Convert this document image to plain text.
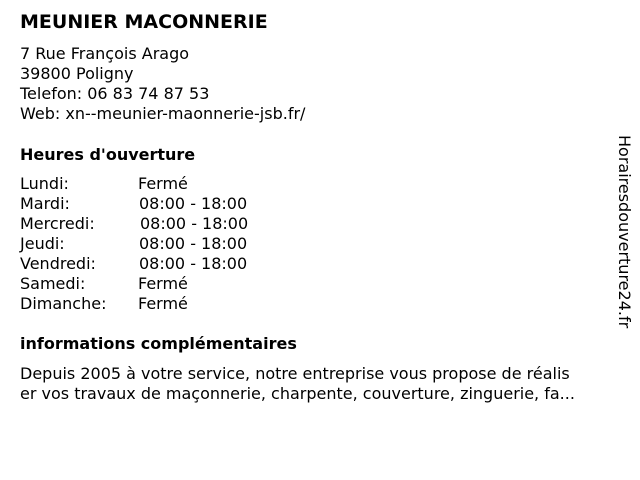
MEUNIER MACONNERIE
7 Rue François Arago
39800 Poligny
Telefon: 06 83 74 87 53
Web: xn--meunier-maonnerie-jsb.fr/
Heures d'ouverture
Lundi:	Fermé
Mardi:	08:00 - 18:00
Mercredi:	08:00 - 18:00
Jeudi:	08:00 - 18:00
Vendredi:	08:00 - 18:00
Samedi:	Fermé
Dimanche: Fermé
informations complémentaires
Depuis 2005 à votre service, notre entreprise vous propose de réalis
er vos travaux de maçonnerie, charpente, couverture, zinguerie, fa...
Horairesdouverture24.fr
